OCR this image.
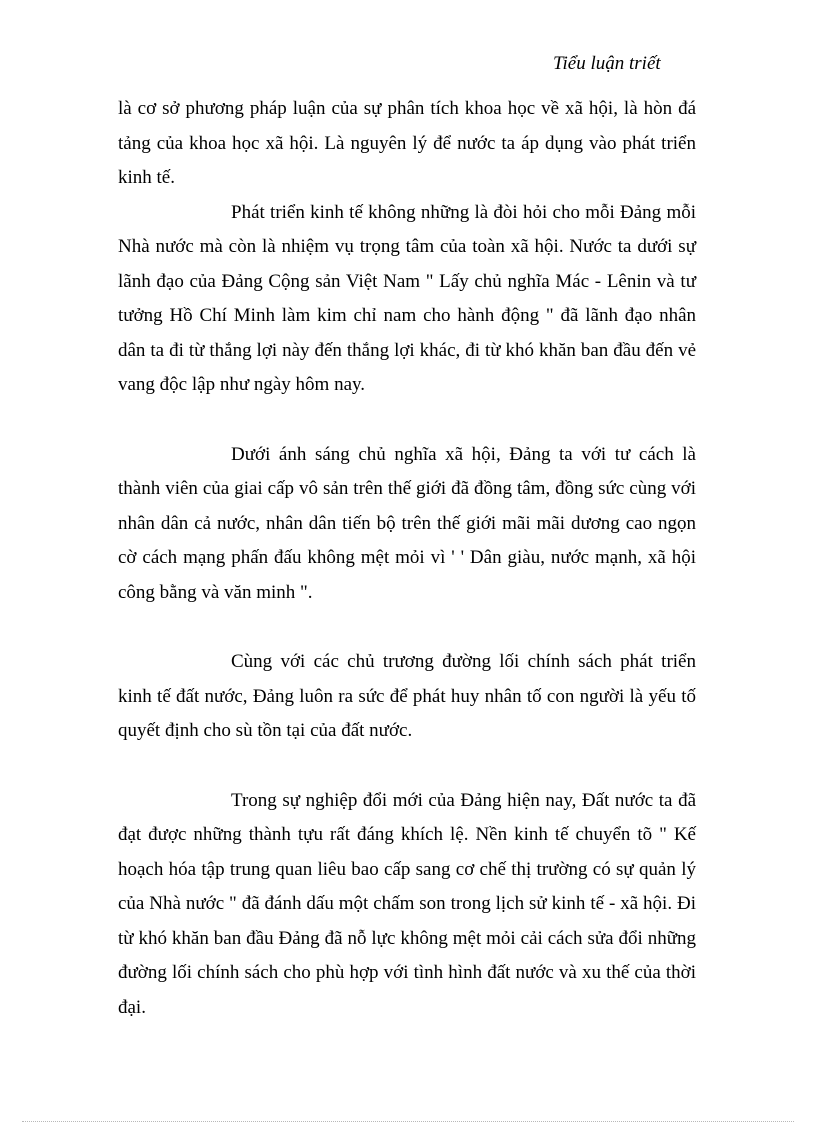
Tiểu luận triết

là cơ sở phương pháp luận của sự phân tích khoa học về xã hội, là hòn đá tảng của khoa học xã hội. Là nguyên lý để nước ta áp dụng vào phát triển kinh tế.

Phát triển kinh tế không những là đòi hỏi cho mỗi Đảng mỗi Nhà nước mà còn là nhiệm vụ trọng tâm của toàn xã hội. Nước ta dưới sự lãnh đạo của Đảng Cộng sản Việt Nam " Lấy chủ nghĩa Mác - Lênin và tư tưởng Hồ Chí Minh làm kim chỉ nam cho hành động " đã lãnh đạo nhân dân ta đi từ thắng lợi này đến thắng lợi khác, đi từ khó khăn ban đầu đến vẻ vang độc lập như ngày hôm nay.

Dưới ánh sáng chủ nghĩa xã hội, Đảng ta với tư cách là thành viên của giai cấp vô sản trên thế giới đã đồng tâm, đồng sức cùng với nhân dân cả nước, nhân dân tiến bộ trên thế giới mãi mãi dương cao ngọn cờ cách mạng phấn đấu không mệt mỏi vì ' ' Dân giàu, nước mạnh, xã hội công bằng và văn minh ".

Cùng với các chủ trương đường lối chính sách phát triển kinh tế đất nước, Đảng luôn ra sức để phát huy nhân tố con người là yếu tố quyết định cho sù tồn tại của đất nước.

Trong sự nghiệp đổi mới của Đảng hiện nay, Đất nước ta đã đạt được những thành tựu rất đáng khích lệ. Nền kinh tế chuyển tõ " Kế hoạch hóa tập trung quan liêu bao cấp sang cơ chế thị trường có sự quản lý của Nhà nước " đã đánh dấu một chấm son trong lịch sử kinh tế - xã hội. Đi từ khó khăn ban đầu Đảng đã nỗ lực không mệt mỏi cải cách sửa đổi những đường lối chính sách cho phù hợp với tình hình đất nước và xu thế của thời đại.
